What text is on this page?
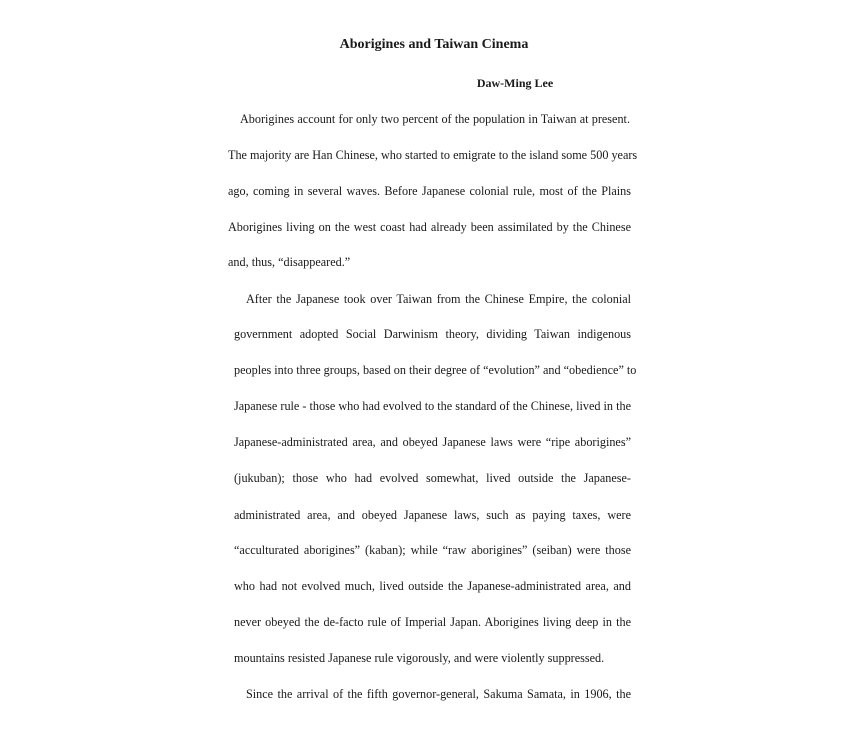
Aborigines and Taiwan Cinema
Daw-Ming Lee
Aborigines account for only two percent of the population in Taiwan at present.
The majority are Han Chinese, who started to emigrate to the island some 500 years
ago, coming in several waves. Before Japanese colonial rule, most of the Plains
Aborigines living on the west coast had already been assimilated by the Chinese
and, thus, “disappeared.”
After the Japanese took over Taiwan from the Chinese Empire, the colonial
government adopted Social Darwinism theory, dividing Taiwan indigenous
peoples into three groups, based on their degree of “evolution” and “obedience” to
Japanese rule - those who had evolved to the standard of the Chinese, lived in the
Japanese-administrated area, and obeyed Japanese laws were “ripe aborigines”
(jukuban); those who had evolved somewhat, lived outside the Japanese-
administrated area, and obeyed Japanese laws, such as paying taxes, were
“acculturated aborigines” (kaban); while “raw aborigines” (seiban) were those
who had not evolved much, lived outside the Japanese-administrated area, and
never obeyed the de-facto rule of Imperial Japan. Aborigines living deep in the
mountains resisted Japanese rule vigorously, and were violently suppressed.
Since the arrival of the fifth governor-general, Sakuma Samata, in 1906, the
